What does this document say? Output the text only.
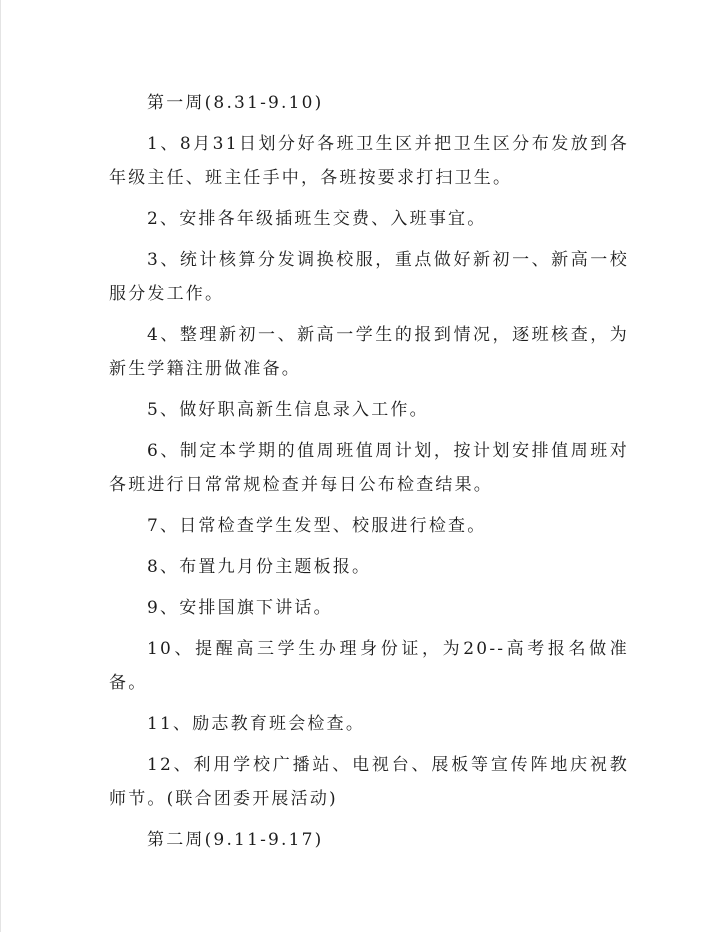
第一周(8.31-9.10)

1、8月31日划分好各班卫生区并把卫生区分布发放到各年级主任、班主任手中，各班按要求打扫卫生。

2、安排各年级插班生交费、入班事宜。

3、统计核算分发调换校服，重点做好新初一、新高一校服分发工作。

4、整理新初一、新高一学生的报到情况，逐班核查，为新生学籍注册做准备。

5、做好职高新生信息录入工作。

6、制定本学期的值周班值周计划，按计划安排值周班对各班进行日常常规检查并每日公布检查结果。

7、日常检查学生发型、校服进行检查。

8、布置九月份主题板报。

9、安排国旗下讲话。

10、提醒高三学生办理身份证，为20--高考报名做准备。

11、励志教育班会检查。

12、利用学校广播站、电视台、展板等宣传阵地庆祝教师节。(联合团委开展活动)

第二周(9.11-9.17)
